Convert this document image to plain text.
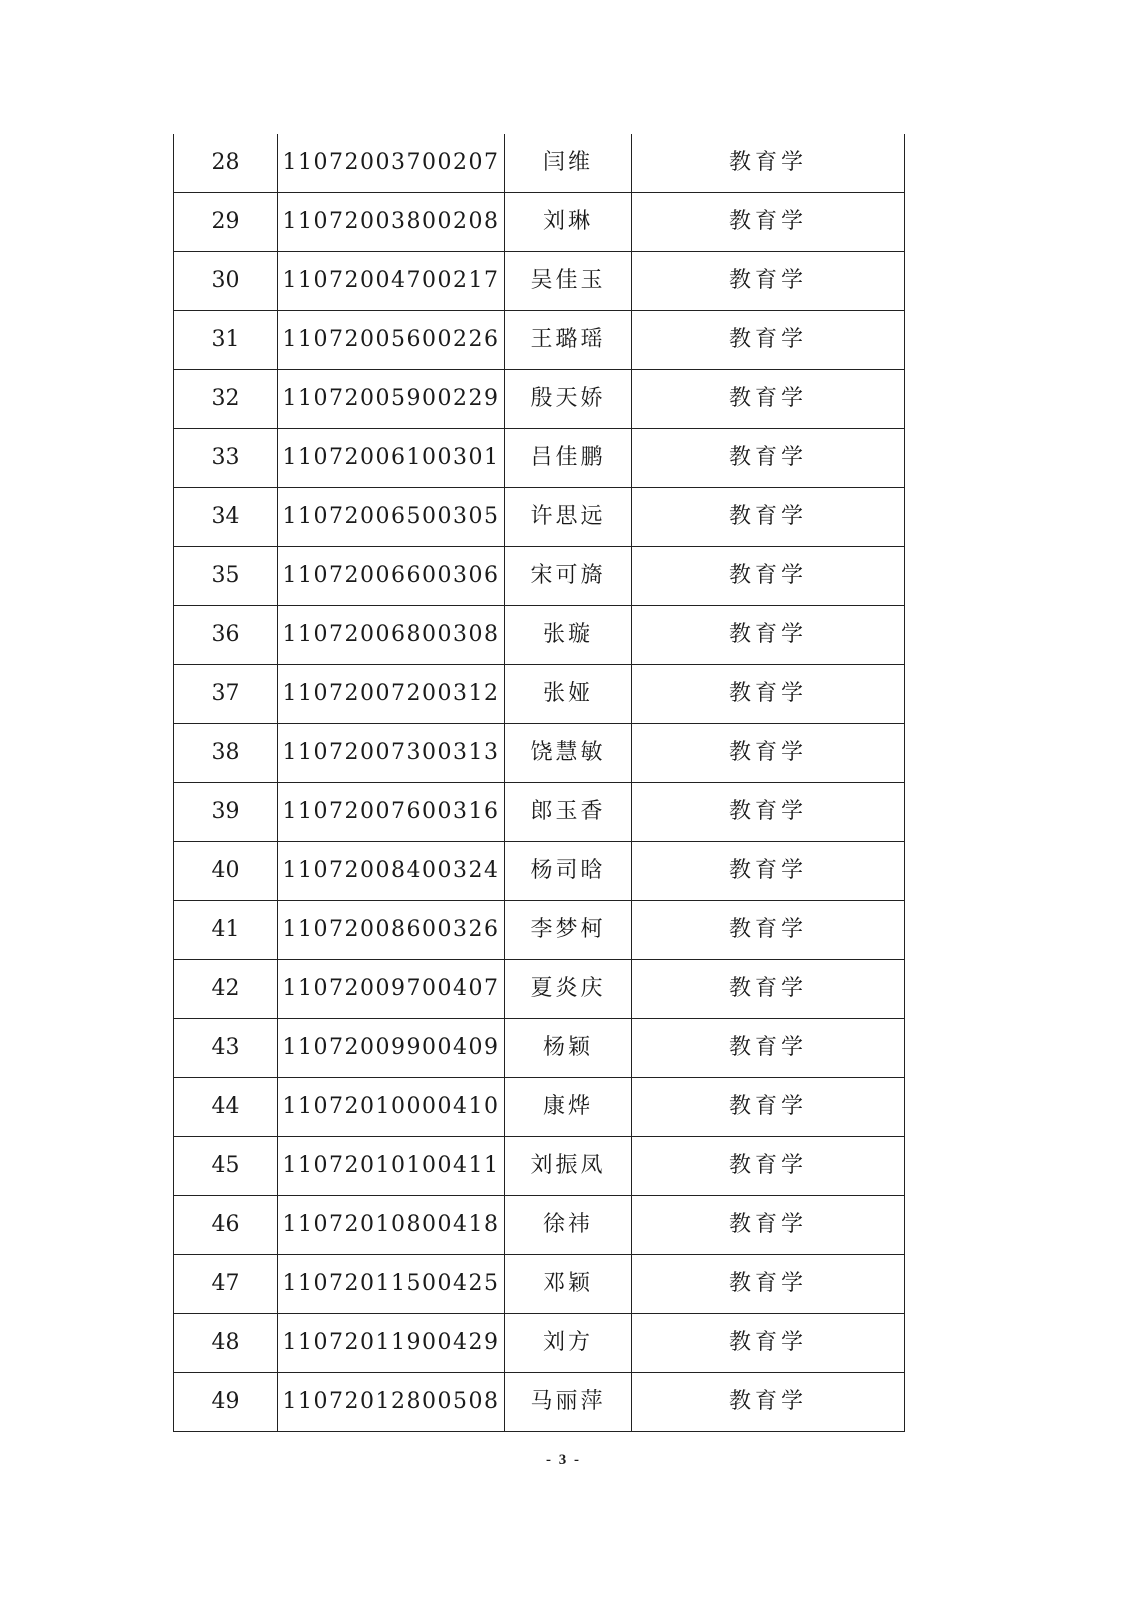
28	11072003700207	闫维	教育学
29	11072003800208	刘琳	教育学
30	11072004700217	吴佳玉	教育学
31	11072005600226	王璐瑶	教育学
32	11072005900229	殷天娇	教育学
33	11072006100301	吕佳鹏	教育学
34	11072006500305	许思远	教育学
35	11072006600306	宋可旖	教育学
36	11072006800308	张璇	教育学
37	11072007200312	张娅	教育学
38	11072007300313	饶慧敏	教育学
39	11072007600316	郎玉香	教育学
40	11072008400324	杨司晗	教育学
41	11072008600326	李梦柯	教育学
42	11072009700407	夏炎庆	教育学
43	11072009900409	杨颖	教育学
44	11072010000410	康烨	教育学
45	11072010100411	刘振凤	教育学
46	11072010800418	徐祎	教育学
47	11072011500425	邓颖	教育学
48	11072011900429	刘方	教育学
49	11072012800508	马丽萍	教育学
- 3 -
